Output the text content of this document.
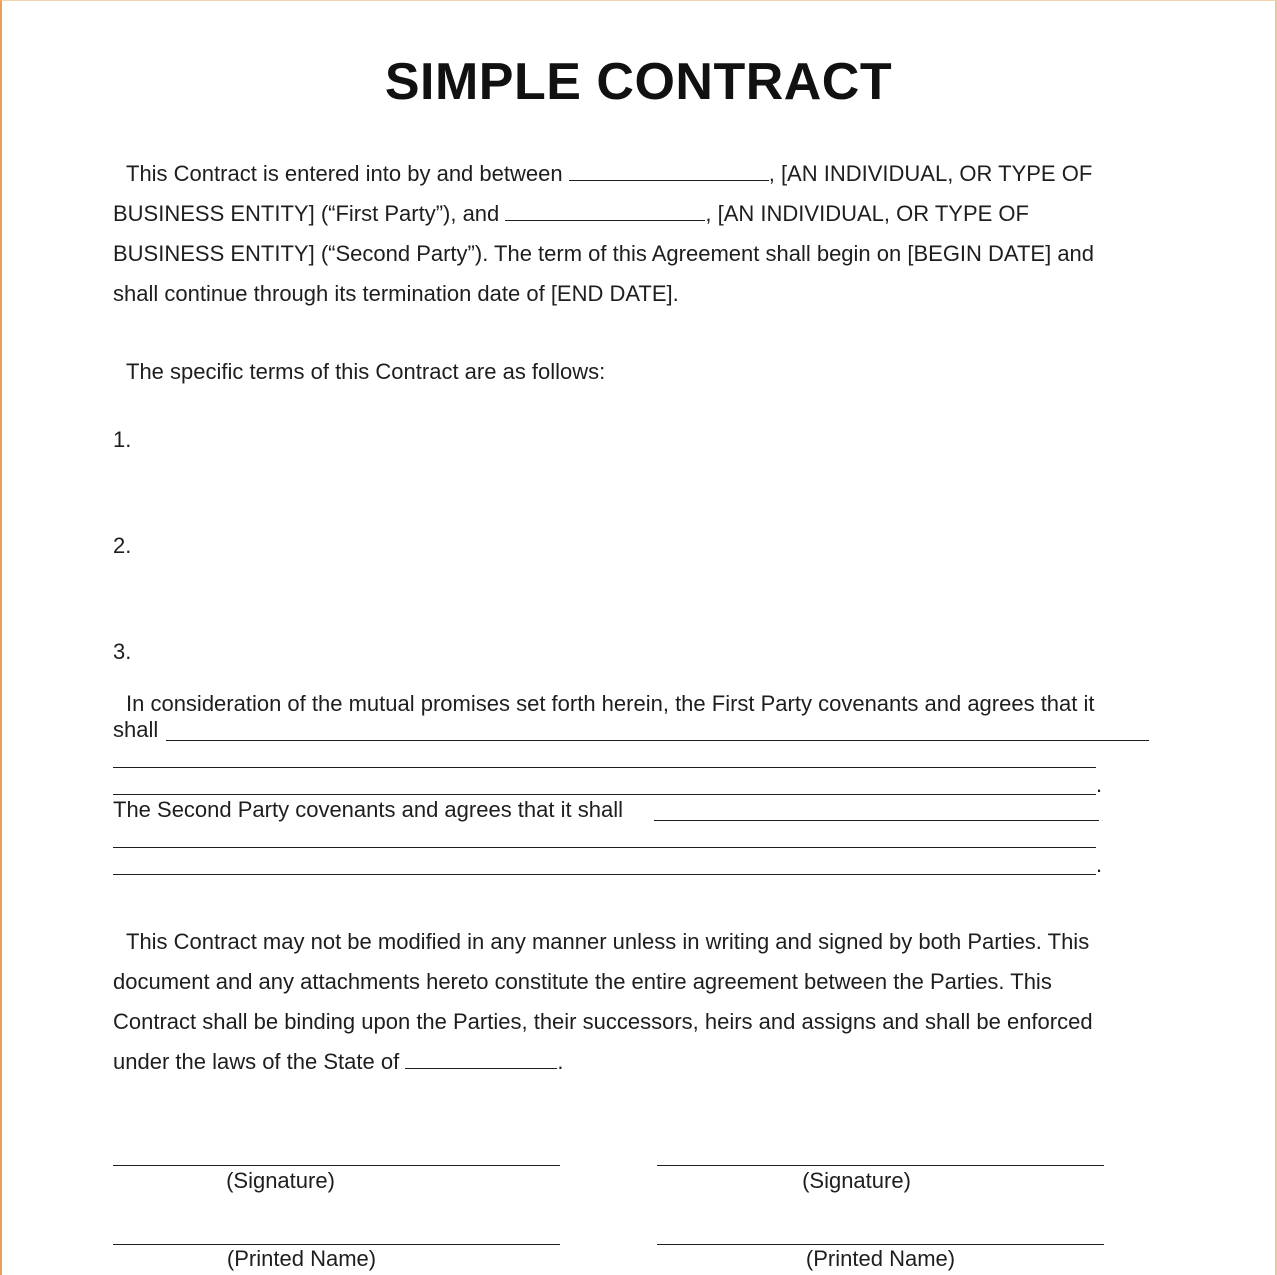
SIMPLE CONTRACT
This Contract is entered into by and between	, [AN INDIVIDUAL, OR TYPE OF
BUSINESS ENTITY] (“First Party”), and	, [AN INDIVIDUAL, OR TYPE OF
BUSINESS ENTITY] (“Second Party”). The term of this Agreement shall begin on [BEGIN DATE] and
shall continue through its termination date of [END DATE].

The specific terms of this Contract are as follows:

1.

2.

3.

In consideration of the mutual promises set forth herein, the First Party covenants and agrees that it

shall

.

The Second Party covenants and agrees that it shall

.
This Contract may not be modified in any manner unless in writing and signed by both Parties. This
document and any attachments hereto constitute the entire agreement between the Parties. This
Contract shall be binding upon the Parties, their successors, heirs and assigns and shall be enforced
under the laws of the State of	.
(Signature)	(Signature)
(Printed Name)	(Printed Name)
